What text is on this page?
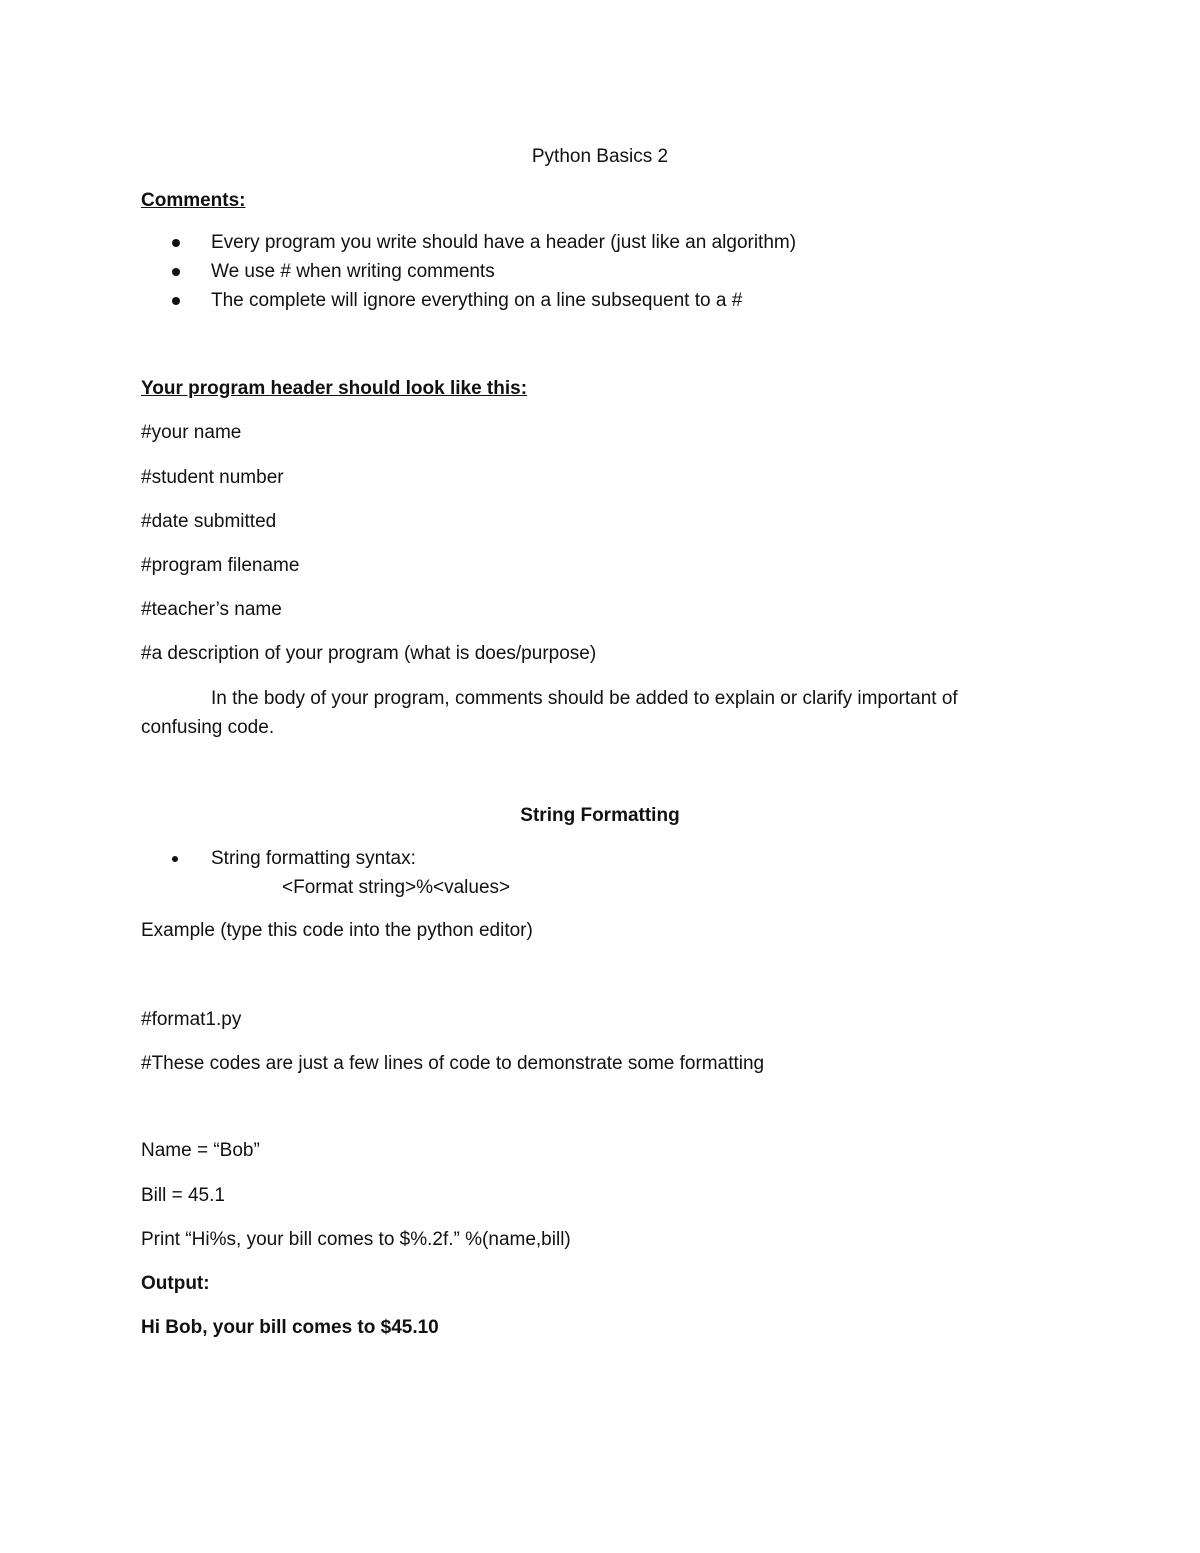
Python Basics 2
Comments:
Every program you write should have a header (just like an algorithm)
We use # when writing comments
The complete will ignore everything on a line subsequent to a #
Your program header should look like this:
#your name
#student number
#date submitted
#program filename
#teacher’s name
#a description of your program (what is does/purpose)
In the body of your program, comments should be added to explain or clarify important of confusing code.
String Formatting
String formatting syntax:
<Format string>%<values>
Example (type this code into the python editor)
#format1.py
#These codes are just a few lines of code to demonstrate some formatting
Name = “Bob”
Bill = 45.1
Print “Hi%s, your bill comes to $%.2f.” %(name,bill)
Output:
Hi Bob, your bill comes to $45.10
